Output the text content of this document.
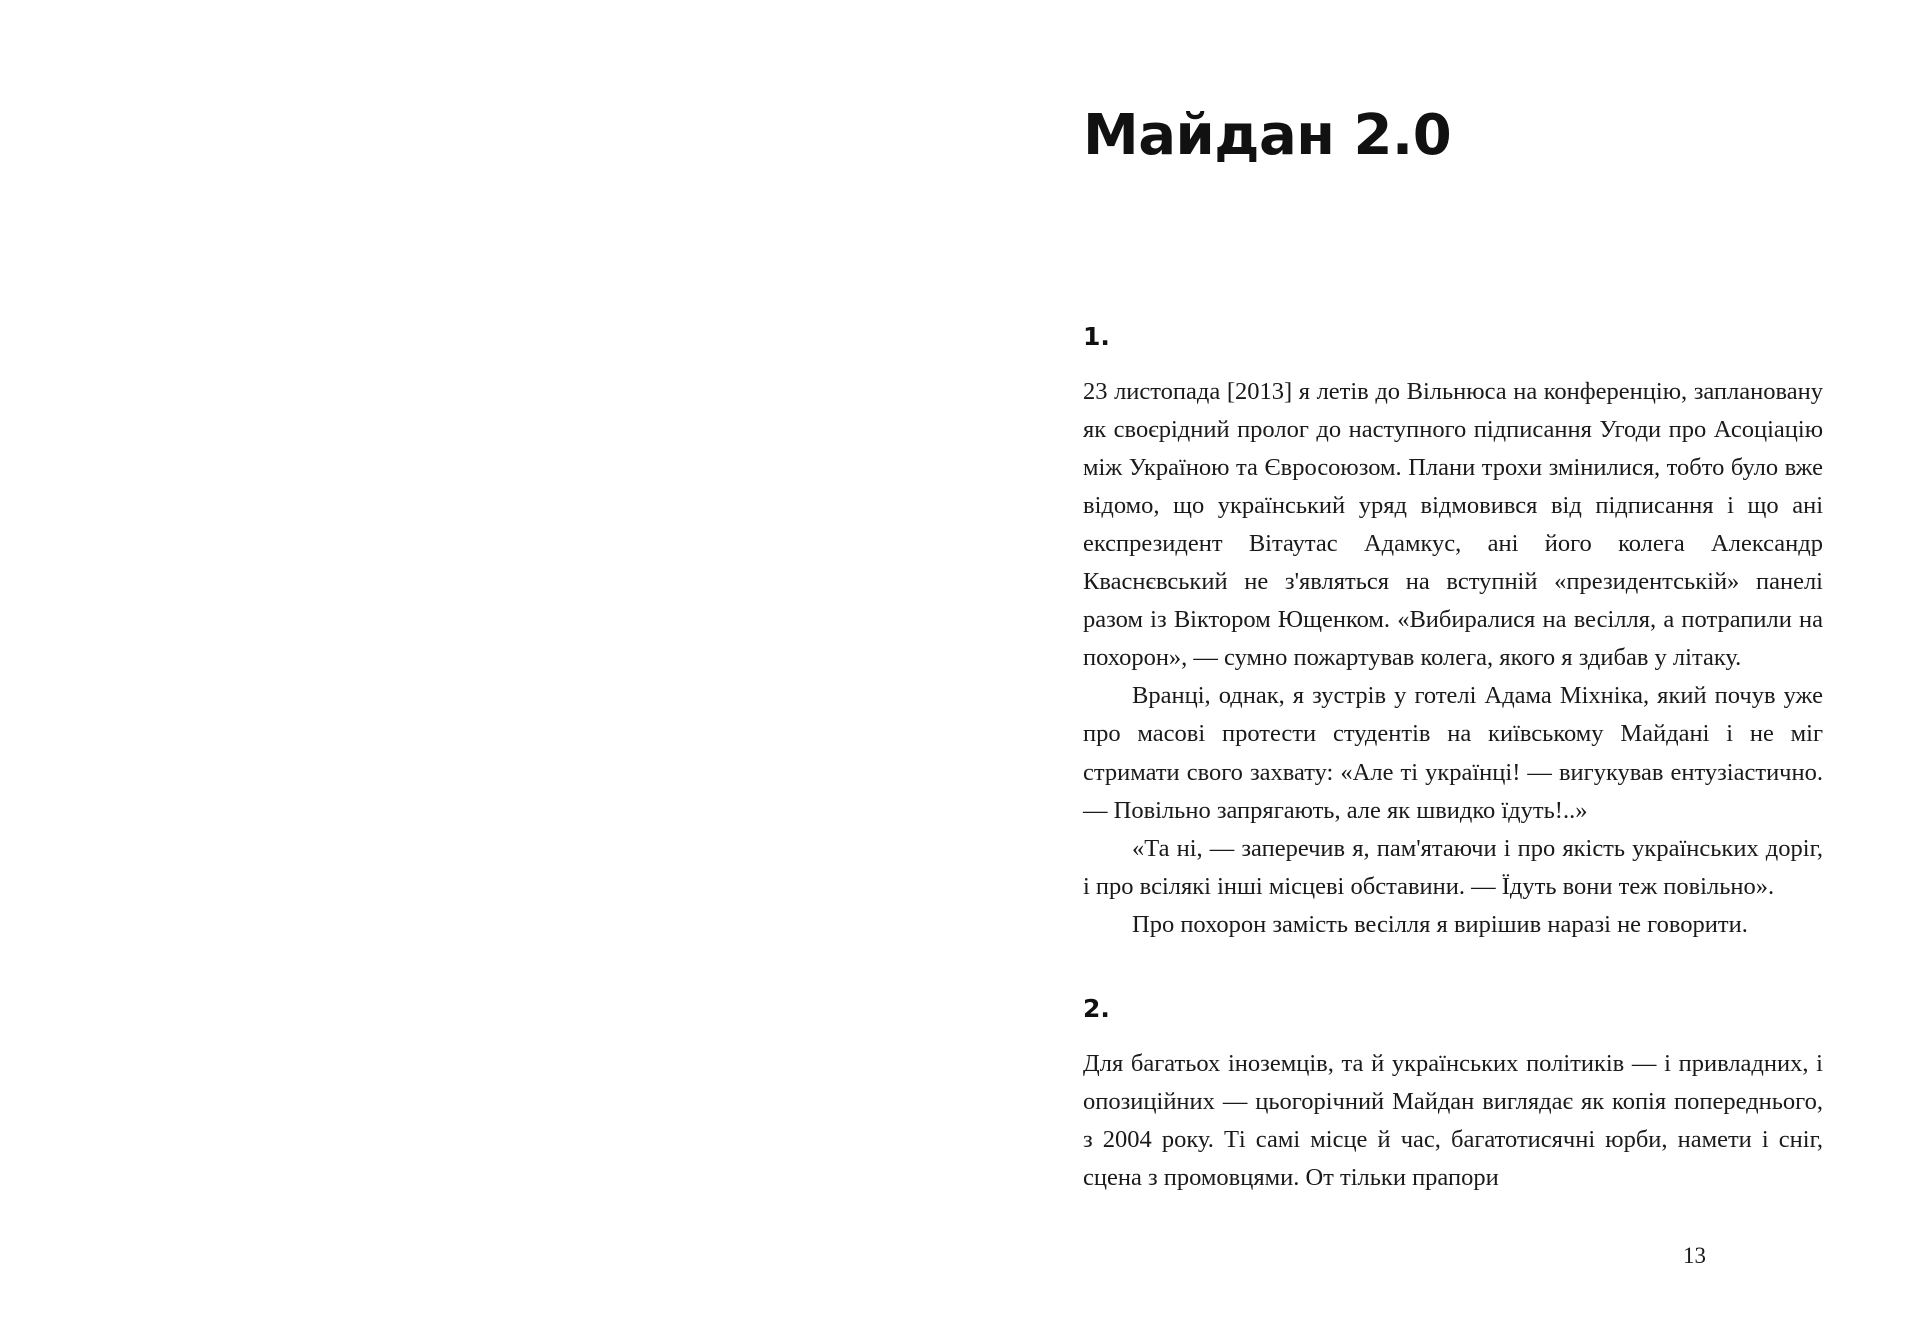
Майдан 2.0

1.

23 листопада [2013] я летів до Вільнюса на конференцію, заплановану як своєрідний пролог до наступного підписання Угоди про Асоціацію між Україною та Євросоюзом. Плани трохи змінилися, тобто було вже відомо, що український уряд відмовився від підписання і що ані експрезидент Вітаутас Адамкус, ані його колега Александр Кваснєвський не з'являться на вступній «президентській» панелі разом із Віктором Ющенком. «Вибиралися на весілля, а потрапили на похорон», — сумно пожартував колега, якого я здибав у літаку.

Вранці, однак, я зустрів у готелі Адама Міхніка, який почув уже про масові протести студентів на київському Майдані і не міг стримати свого захвату: «Але ті українці! — вигукував ентузіастично. — Повільно запрягають, але як швидко їдуть!..»

«Та ні, — заперечив я, пам'ятаючи і про якість українських доріг, і про всілякі інші місцеві обставини. — Їдуть вони теж повільно».

Про похорон замість весілля я вирішив наразі не говорити.

2.

Для багатьох іноземців, та й українських політиків — і привладних, і опозиційних — цьогорічний Майдан виглядає як копія попереднього, з 2004 року. Ті самі місце й час, багатотисячні юрби, намети і сніг, сцена з промовцями. От тільки прапори

13
